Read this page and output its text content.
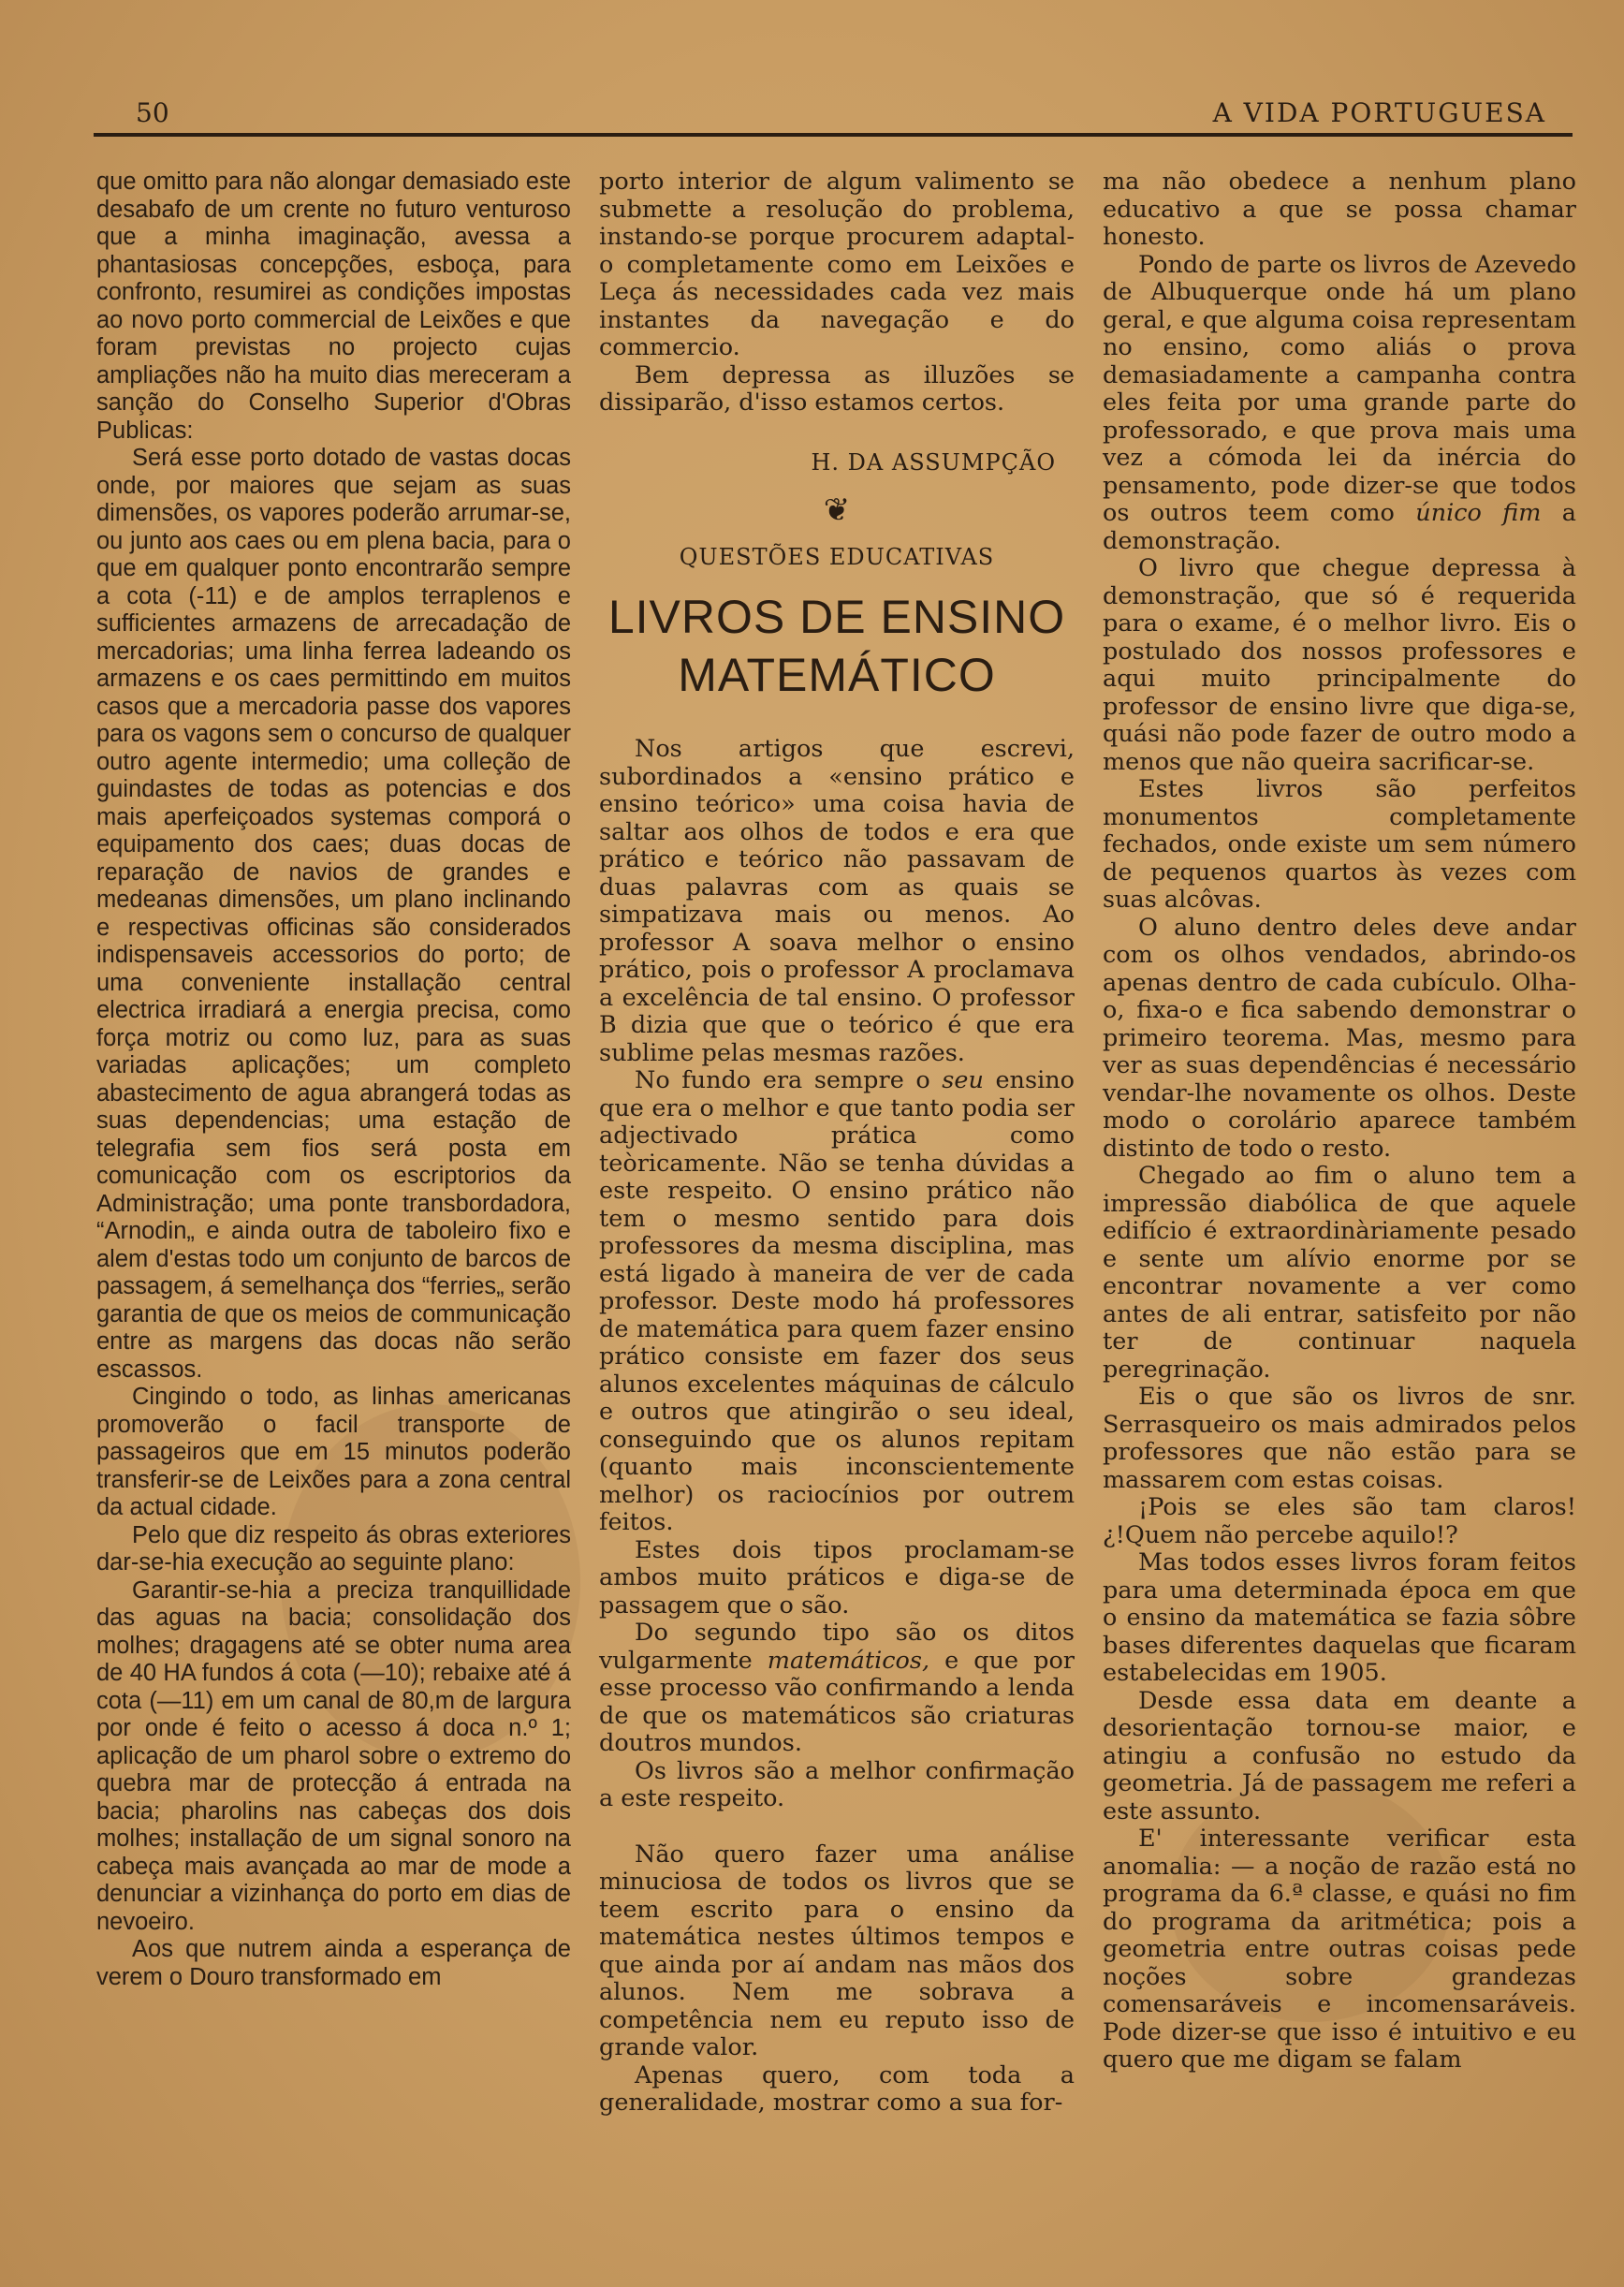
50	A VIDA PORTUGUESA

que omitto para não alongar demasiado este desabafo de um crente no futuro venturoso que a minha imaginação, avessa a phantasiosas concepções, esboça, para confronto, resumirei as condições impostas ao novo porto commercial de Leixões e que foram previstas no projecto cujas ampliações não ha muito dias mereceram a sanção do Conselho Superior d'Obras Publicas:

Será esse porto dotado de vastas docas onde, por maiores que sejam as suas dimensões, os vapores poderão arrumar-se, ou junto aos caes ou em plena bacia, para o que em qualquer ponto encontrarão sempre a cota (-11) e de amplos terraplenos e sufficientes armazens de arrecadação de mercadorias; uma linha ferrea ladeando os armazens e os caes permittindo em muitos casos que a mercadoria passe dos vapores para os vagons sem o concurso de qualquer outro agente intermedio; uma colleção de guindastes de todas as potencias e dos mais aperfeiçoados systemas comporá o equipamento dos caes; duas docas de reparação de navios de grandes e medeanas dimensões, um plano inclinando e respectivas officinas são considerados indispensaveis accessorios do porto; de uma conveniente installação central electrica irradiará a energia precisa, como força motriz ou como luz, para as suas variadas aplicações; um completo abastecimento de agua abrangerá todas as suas dependencias; uma estação de telegrafia sem fios será posta em comunicação com os escriptorios da Administração; uma ponte transbordadora, “Arnodin„ e ainda outra de taboleiro fixo e alem d'estas todo um conjunto de barcos de passagem, á semelhança dos “ferries„ serão garantia de que os meios de communicação entre as margens das docas não serão escassos.

Cingindo o todo, as linhas americanas promoverão o facil transporte de passageiros que em 15 minutos poderão transferir-se de Leixões para a zona central da actual cidade.

Pelo que diz respeito ás obras exteriores dar-se-hia execução ao seguinte plano:

Garantir-se-hia a preciza tranquillidade das aguas na bacia; consolidação dos molhes; dragagens até se obter numa area de 40 HA fundos á cota (—10); rebaixe até á cota (—11) em um canal de 80,m de largura por onde é feito o acesso á doca n.º 1; aplicação de um pharol sobre o extremo do quebra mar de protecção á entrada na bacia; pharolins nas cabeças dos dois molhes; installação de um signal sonoro na cabeça mais avançada ao mar de mode a denunciar a vizinhança do porto em dias de nevoeiro.

Aos que nutrem ainda a esperança de verem o Douro transformado em

porto interior de algum valimento se submette a resolução do problema, instando-se porque procurem adaptal-o completamente como em Leixões e Leça ás necessidades cada vez mais instantes da navegação e do commercio.

Bem depressa as illuzões se dissiparão, d'isso estamos certos.

H. DA ASSUMPÇÃO

❦
QUESTÕES EDUCATIVAS
LIVROS DE ENSINO
MATEMÁTICO

Nos artigos que escrevi, subordinados a «ensino prático e ensino teórico» uma coisa havia de saltar aos olhos de todos e era que prático e teórico não passavam de duas palavras com as quais se simpatizava mais ou menos. Ao professor A soava melhor o ensino prático, pois o professor A proclamava a excelência de tal ensino. O professor B dizia que que o teórico é que era sublime pelas mesmas razões.

No fundo era sempre o seu ensino que era o melhor e que tanto podia ser adjectivado prática como teòricamente. Não se tenha dúvidas a este respeito. O ensino prático não tem o mesmo sentido para dois professores da mesma disciplina, mas está ligado à maneira de ver de cada professor. Deste modo há professores de matemática para quem fazer ensino prático consiste em fazer dos seus alunos excelentes máquinas de cálculo e outros que atingirão o seu ideal, conseguindo que os alunos repitam (quanto mais inconscientemente melhor) os raciocínios por outrem feitos.

Estes dois tipos proclamam-se ambos muito práticos e diga-se de passagem que o são.

Do segundo tipo são os ditos vulgarmente matemáticos, e que por esse processo vão confirmando a lenda de que os matemáticos são criaturas doutros mundos.

Os livros são a melhor confirmação a este respeito.

Não quero fazer uma análise minuciosa de todos os livros que se teem escrito para o ensino da matemática nestes últimos tempos e que ainda por aí andam nas mãos dos alunos. Nem me sobrava a competência nem eu reputo isso de grande valor.

Apenas quero, com toda a generalidade, mostrar como a sua for-

ma não obedece a nenhum plano educativo a que se possa chamar honesto.

Pondo de parte os livros de Azevedo de Albuquerque onde há um plano geral, e que alguma coisa representam no ensino, como aliás o prova demasiadamente a campanha contra eles feita por uma grande parte do professorado, e que prova mais uma vez a cómoda lei da inércia do pensamento, pode dizer-se que todos os outros teem como único fim a demonstração.

O livro que chegue depressa à demonstração, que só é requerida para o exame, é o melhor livro. Eis o postulado dos nossos professores e aqui muito principalmente do professor de ensino livre que diga-se, quási não pode fazer de outro modo a menos que não queira sacrificar-se.

Estes livros são perfeitos monumentos completamente fechados, onde existe um sem número de pequenos quartos às vezes com suas alcôvas.

O aluno dentro deles deve andar com os olhos vendados, abrindo-os apenas dentro de cada cubículo. Olha-o, fixa-o e fica sabendo demonstrar o primeiro teorema. Mas, mesmo para ver as suas dependências é necessário vendar-lhe novamente os olhos. Deste modo o corolário aparece também distinto de todo o resto.

Chegado ao fim o aluno tem a impressão diabólica de que aquele edifício é extraordinàriamente pesado e sente um alívio enorme por se encontrar novamente a ver como antes de ali entrar, satisfeito por não ter de continuar naquela peregrinação.

Eis o que são os livros de snr. Serrasqueiro os mais admirados pelos professores que não estão para se massarem com estas coisas.

¡Pois se eles são tam claros! ¿!Quem não percebe aquilo!?

Mas todos esses livros foram feitos para uma determinada época em que o ensino da matemática se fazia sôbre bases diferentes daquelas que ficaram estabelecidas em 1905.

Desde essa data em deante a desorientação tornou-se maior, e atingiu a confusão no estudo da geometria. Já de passagem me referi a este assunto.

E' interessante verificar esta anomalia: — a noção de razão está no programa da 6.ª classe, e quási no fim do programa da aritmética; pois a geometria entre outras coisas pede noções sobre grandezas comensaráveis e incomensaráveis. Pode dizer-se que isso é intuitivo e eu quero que me digam se falam
